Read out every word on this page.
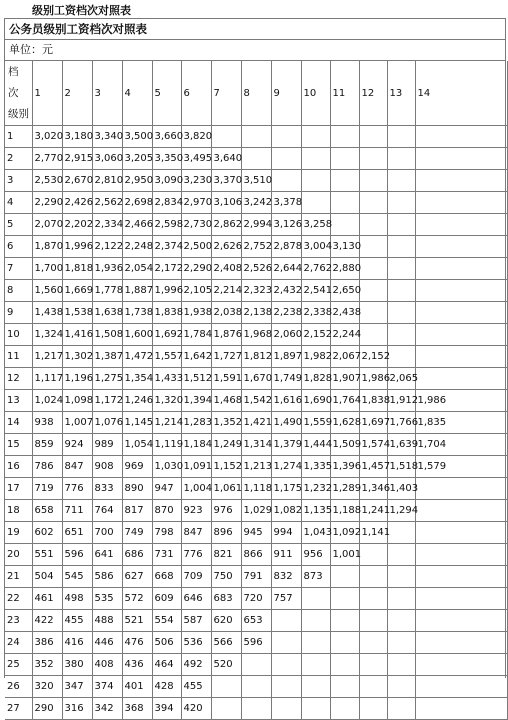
级别工资档次对照表
公务员级别工资档次对照表
单位：元
档
次
级别	1	2	3	4	5	6	7	8	9	10	11	12	13	14
1	3,020	3,180	3,340	3,500	3,660	3,820								
2	2,770	2,915	3,060	3,205	3,350	3,495	3,640							
3	2,530	2,670	2,810	2,950	3,090	3,230	3,370	3,510						
4	2,290	2,426	2,562	2,698	2,834	2,970	3,106	3,242	3,378					
5	2,070	2,202	2,334	2,466	2,598	2,730	2,862	2,994	3,126	3,258				
6	1,870	1,996	2,122	2,248	2,374	2,500	2,626	2,752	2,878	3,004	3,130			
7	1,700	1,818	1,936	2,054	2,172	2,290	2,408	2,526	2,644	2,762	2,880			
8	1,560	1,669	1,778	1,887	1,996	2,105	2,214	2,323	2,432	2,541	2,650			
9	1,438	1,538	1,638	1,738	1,838	1,938	2,038	2,138	2,238	2,338	2,438			
10	1,324	1,416	1,508	1,600	1,692	1,784	1,876	1,968	2,060	2,152	2,244			
11	1,217	1,302	1,387	1,472	1,557	1,642	1,727	1,812	1,897	1,982	2,067	2,152		
12	1,117	1,196	1,275	1,354	1,433	1,512	1,591	1,670	1,749	1,828	1,907	1,986	2,065	
13	1,024	1,098	1,172	1,246	1,320	1,394	1,468	1,542	1,616	1,690	1,764	1,838	1,912	1,986
14	938	1,007	1,076	1,145	1,214	1,283	1,352	1,421	1,490	1,559	1,628	1,697	1,766	1,835
15	859	924	989	1,054	1,119	1,184	1,249	1,314	1,379	1,444	1,509	1,574	1,639	1,704
16	786	847	908	969	1,030	1,091	1,152	1,213	1,274	1,335	1,396	1,457	1,518	1,579
17	719	776	833	890	947	1,004	1,061	1,118	1,175	1,232	1,289	1,346	1,403	
18	658	711	764	817	870	923	976	1,029	1,082	1,135	1,188	1,241	1,294	
19	602	651	700	749	798	847	896	945	994	1,043	1,092	1,141		
20	551	596	641	686	731	776	821	866	911	956	1,001			
21	504	545	586	627	668	709	750	791	832	873				
22	461	498	535	572	609	646	683	720	757					
23	422	455	488	521	554	587	620	653						
24	386	416	446	476	506	536	566	596						
25	352	380	408	436	464	492	520							
26	320	347	374	401	428	455								
27	290	316	342	368	394	420								
